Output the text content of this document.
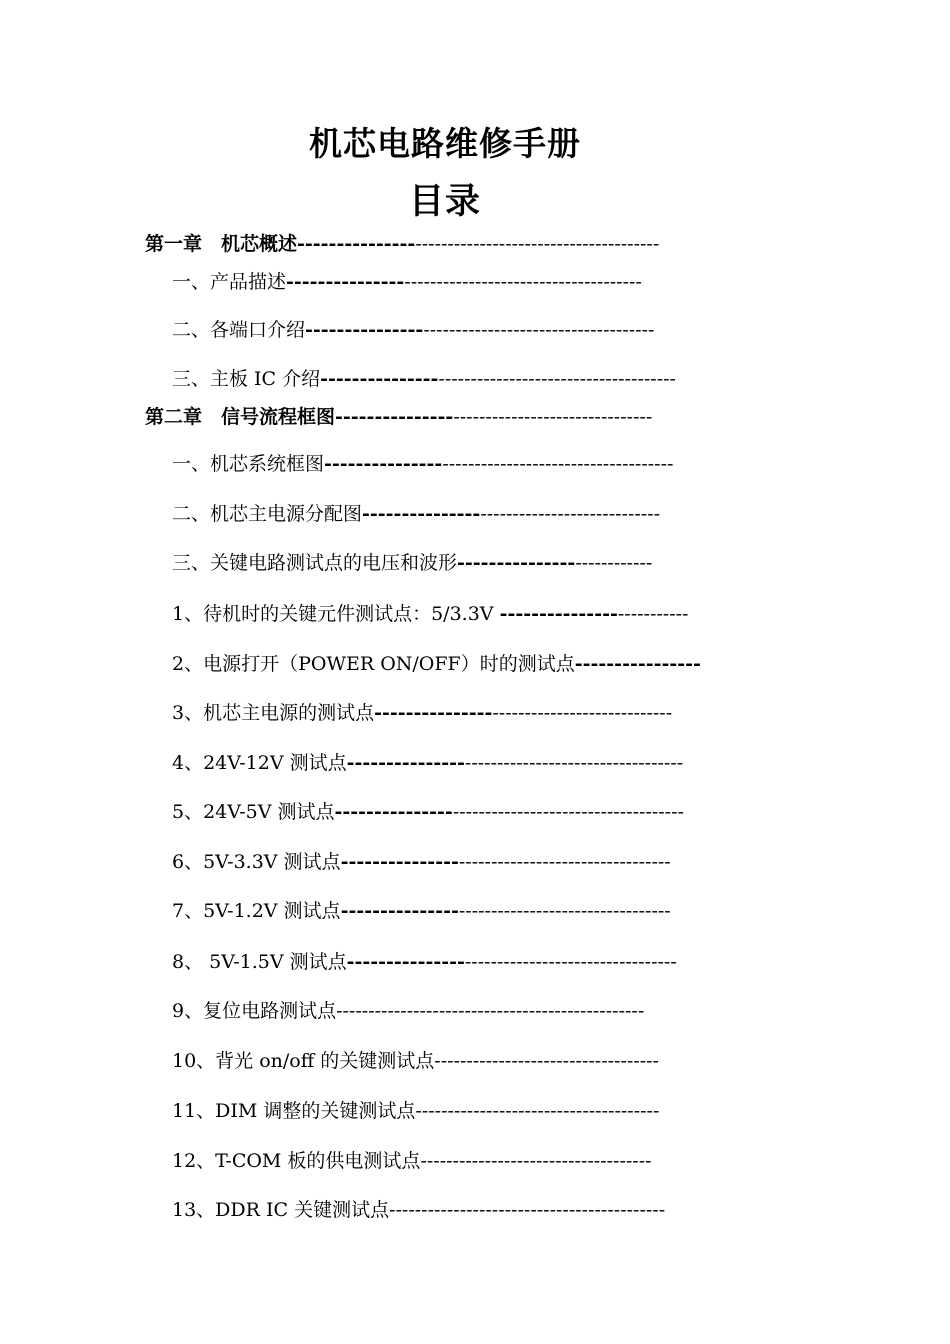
机芯电路维修手册
目录
第一章　机芯概述-----------------------------------------------------
一、产品描述----------------------------------------------------
二、各端口介绍---------------------------------------------------
三、主板 IC 介绍----------------------------------------------------
第二章　信号流程框图----------------------------------------------
一、机芯系统框图---------------------------------------------------
二、机芯主电源分配图-------------------------------------------
三、关键电路测试点的电压和波形---------------------------
1、待机时的关键元件测试点：5/3.3V --------------------------
2、电源打开（POWER ON/OFF）时的测试点----------------
3、机芯主电源的测试点-------------------------------------------
4、24V-12V 测试点-------------------------------------------------
5、24V-5V 测试点---------------------------------------------------
6、5V-3.3V 测试点------------------------------------------------
7、5V-1.2V 测试点------------------------------------------------
8、 5V-1.5V 测试点------------------------------------------------
9、复位电路测试点------------------------------------------------
10、背光 on/off 的关键测试点-----------------------------------
11、DIM 调整的关键测试点--------------------------------------
12、T-COM 板的供电测试点------------------------------------
13、DDR IC 关键测试点-------------------------------------------
